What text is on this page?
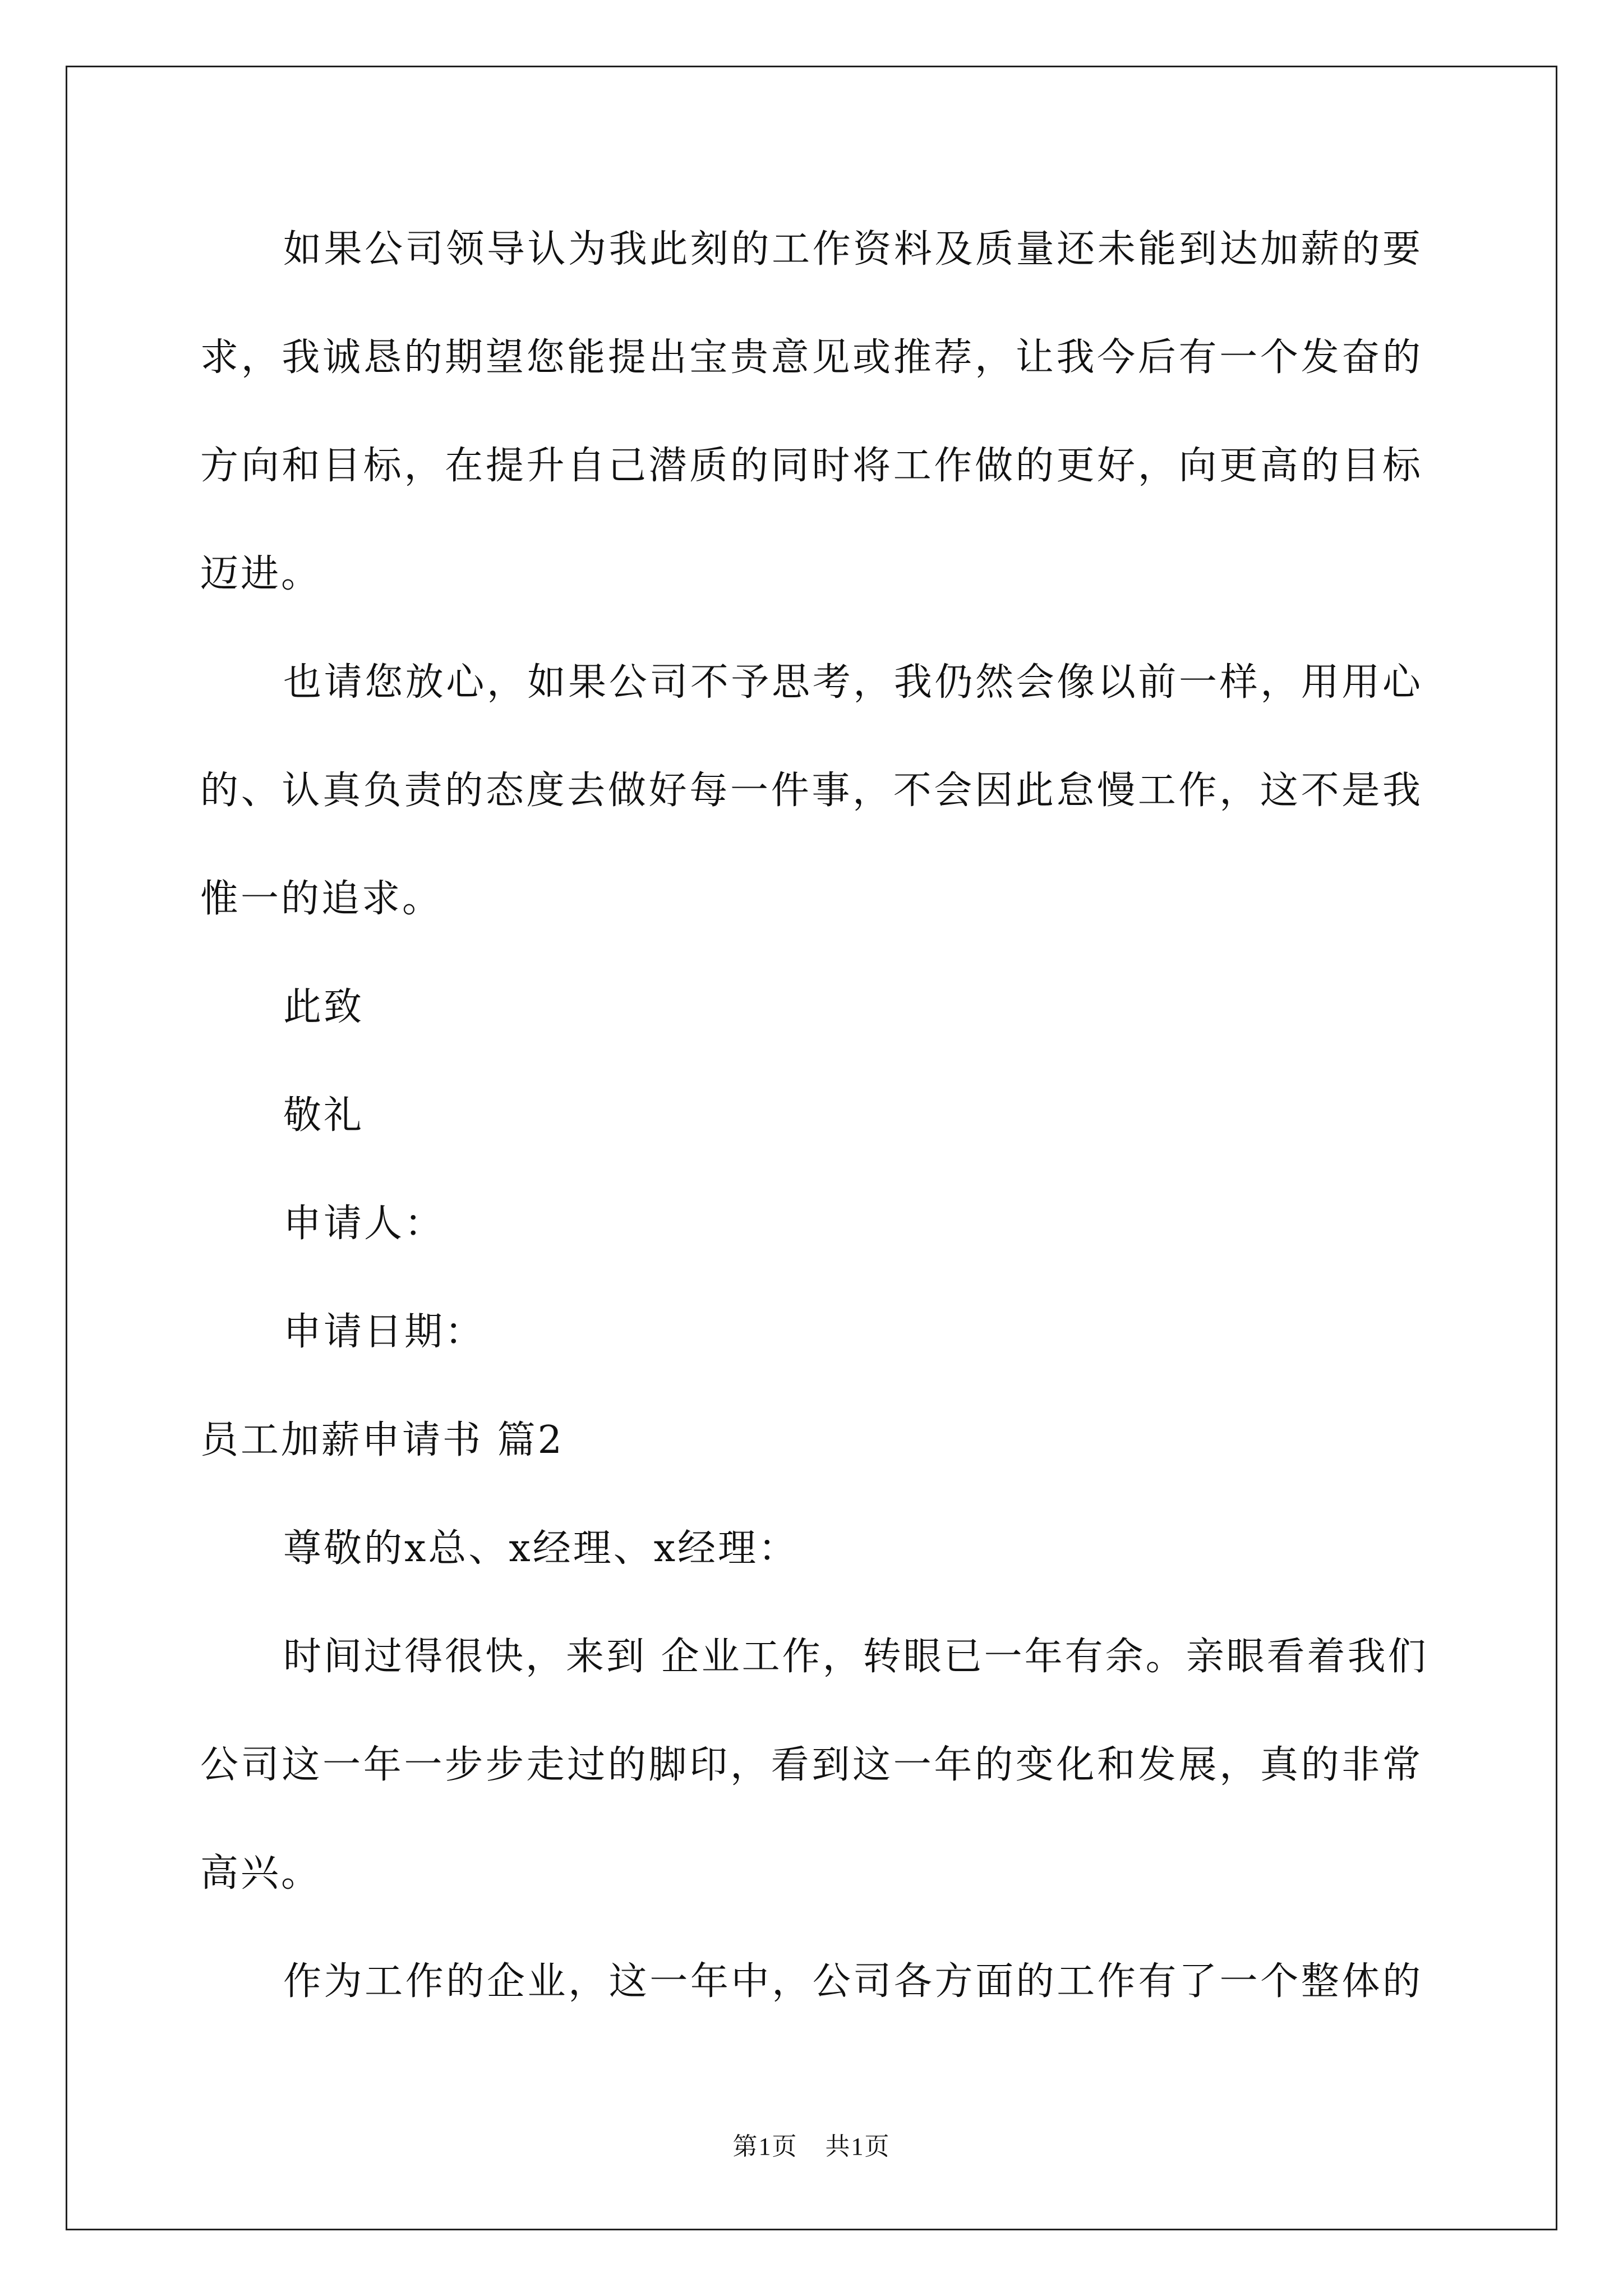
如果公司领导认为我此刻的工作资料及质量还未能到达加薪的要
求，我诚恳的期望您能提出宝贵意见或推荐，让我今后有一个发奋的
方向和目标，在提升自己潜质的同时将工作做的更好，向更高的目标
迈进。
也请您放心，如果公司不予思考，我仍然会像以前一样，用用心
的、认真负责的态度去做好每一件事，不会因此怠慢工作，这不是我
惟一的追求。
此致
敬礼
申请人：
申请日期：
员工加薪申请书 篇2
尊敬的x总、x经理、x经理：
时间过得很快，来到 企业工作，转眼已一年有余。亲眼看着我们
公司这一年一步步走过的脚印，看到这一年的变化和发展，真的非常
高兴。
作为工作的企业，这一年中，公司各方面的工作有了一个整体的
第1页 共1页
